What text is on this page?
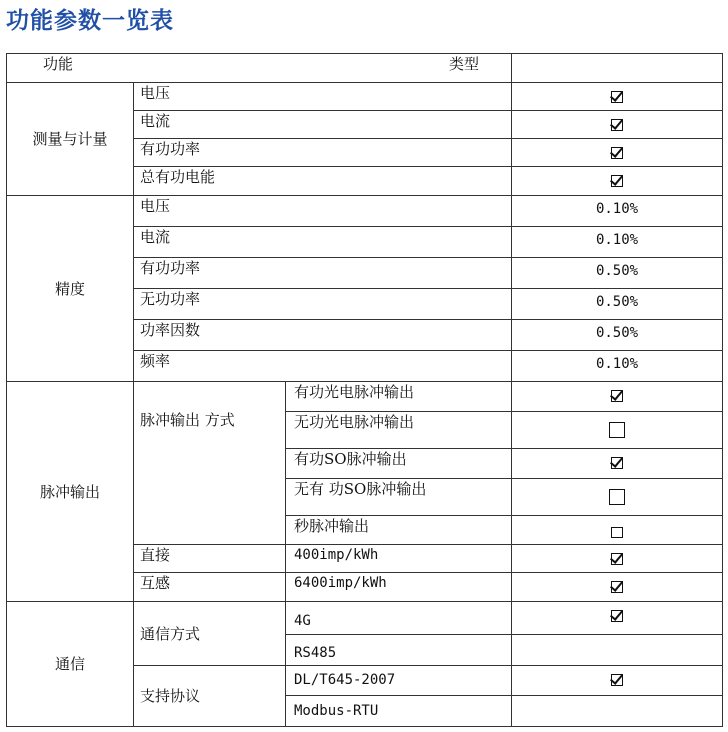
功能参数一览表
功能 类型			

测量与计量	电压		
	电流		
	有功功率		
	总有功电能		
精度	电压		0.10%
	电流		0.10%
	有功功率		0.50%
	无功功率		0.50%
	功率因数		0.50%
	频率		0.10%
脉冲输出	脉冲输出 方式	有功光电脉冲输出	
		无功光电脉冲输出	
		有功SO脉冲输出	
		无有 功SO脉冲输出	
		秒脉冲输出	
	直接	400imp/kWh	
	互感	6400imp/kWh	
通信	通信方式	4G	
		RS485	
	支持协议	DL/T645-2007	
		Modbus-RTU	
